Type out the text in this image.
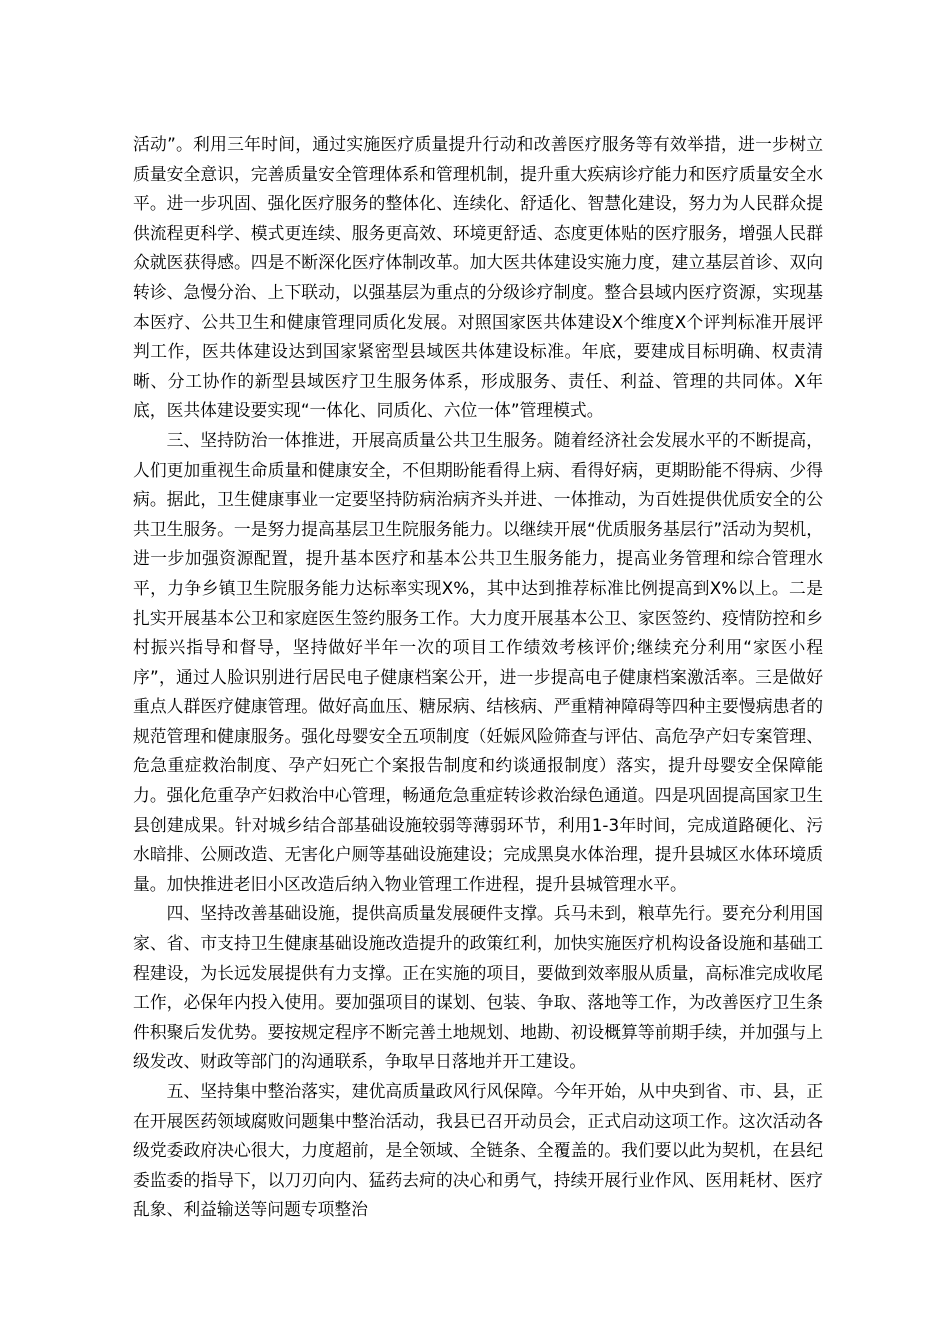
活动”。利用三年时间，通过实施医疗质量提升行动和改善医疗服务等有效举措，进一步树立质量安全意识，完善质量安全管理体系和管理机制，提升重大疾病诊疗能力和医疗质量安全水平。进一步巩固、强化医疗服务的整体化、连续化、舒适化、智慧化建设，努力为人民群众提供流程更科学、模式更连续、服务更高效、环境更舒适、态度更体贴的医疗服务，增强人民群众就医获得感。四是不断深化医疗体制改革。加大医共体建设实施力度，建立基层首诊、双向转诊、急慢分治、上下联动，以强基层为重点的分级诊疗制度。整合县域内医疗资源，实现基本医疗、公共卫生和健康管理同质化发展。对照国家医共体建设X个维度X个评判标准开展评判工作，医共体建设达到国家紧密型县域医共体建设标准。年底，要建成目标明确、权责清晰、分工协作的新型县域医疗卫生服务体系，形成服务、责任、利益、管理的共同体。X年底，医共体建设要实现“一体化、同质化、六位一体”管理模式。

三、坚持防治一体推进，开展高质量公共卫生服务。随着经济社会发展水平的不断提高，人们更加重视生命质量和健康安全，不但期盼能看得上病、看得好病，更期盼能不得病、少得病。据此，卫生健康事业一定要坚持防病治病齐头并进、一体推动，为百姓提供优质安全的公共卫生服务。一是努力提高基层卫生院服务能力。以继续开展“优质服务基层行”活动为契机，进一步加强资源配置，提升基本医疗和基本公共卫生服务能力，提高业务管理和综合管理水平，力争乡镇卫生院服务能力达标率实现X%，其中达到推荐标准比例提高到X%以上。二是扎实开展基本公卫和家庭医生签约服务工作。大力度开展基本公卫、家医签约、疫情防控和乡村振兴指导和督导，坚持做好半年一次的项目工作绩效考核评价;继续充分利用“家医小程序”，通过人脸识别进行居民电子健康档案公开，进一步提高电子健康档案激活率。三是做好重点人群医疗健康管理。做好高血压、糖尿病、结核病、严重精神障碍等四种主要慢病患者的规范管理和健康服务。强化母婴安全五项制度（妊娠风险筛查与评估、高危孕产妇专案管理、危急重症救治制度、孕产妇死亡个案报告制度和约谈通报制度）落实，提升母婴安全保障能力。强化危重孕产妇救治中心管理，畅通危急重症转诊救治绿色通道。四是巩固提高国家卫生县创建成果。针对城乡结合部基础设施较弱等薄弱环节，利用1-3年时间，完成道路硬化、污水暗排、公厕改造、无害化户厕等基础设施建设；完成黑臭水体治理，提升县城区水体环境质量。加快推进老旧小区改造后纳入物业管理工作进程，提升县城管理水平。

四、坚持改善基础设施，提供高质量发展硬件支撑。兵马未到，粮草先行。要充分利用国家、省、市支持卫生健康基础设施改造提升的政策红利，加快实施医疗机构设备设施和基础工程建设，为长远发展提供有力支撑。正在实施的项目，要做到效率服从质量，高标准完成收尾工作，必保年内投入使用。要加强项目的谋划、包装、争取、落地等工作，为改善医疗卫生条件积聚后发优势。要按规定程序不断完善土地规划、地勘、初设概算等前期手续，并加强与上级发改、财政等部门的沟通联系，争取早日落地并开工建设。

五、坚持集中整治落实，建优高质量政风行风保障。今年开始，从中央到省、市、县，正在开展医药领域腐败问题集中整治活动，我县已召开动员会，正式启动这项工作。这次活动各级党委政府决心很大，力度超前，是全领域、全链条、全覆盖的。我们要以此为契机，在县纪委监委的指导下，以刀刃向内、猛药去疴的决心和勇气，持续开展行业作风、医用耗材、医疗乱象、利益输送等问题专项整治
